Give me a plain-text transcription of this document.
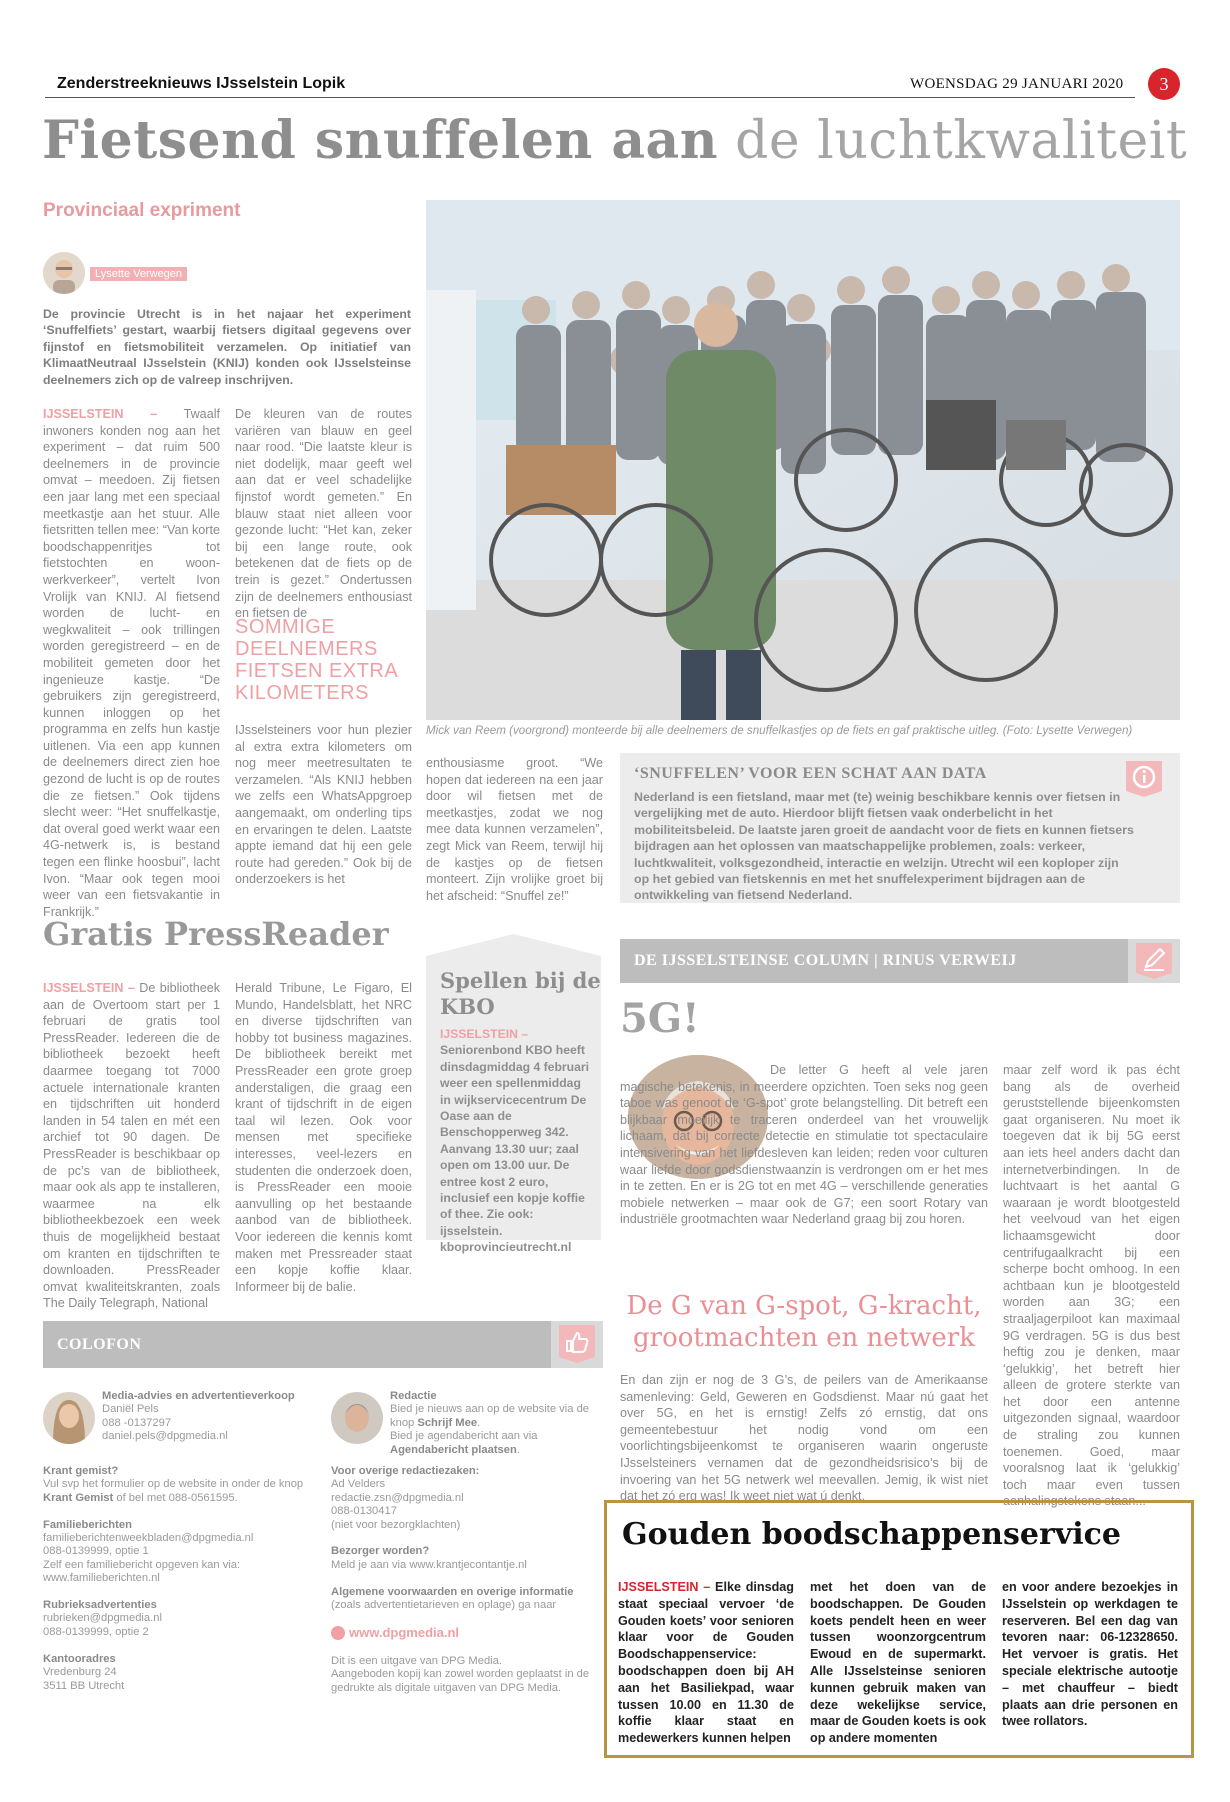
Zenderstreeknieuws IJsselstein Lopik	WOENSDAG 29 JANUARI 2020	3
Fietsend snuffelen aan de luchtkwaliteit
Provinciaal expriment
Lysette Verwegen
De provincie Utrecht is in het najaar het experiment ‘Snuffelfiets’ gestart, waarbij fietsers digitaal gegevens over fijnstof en fietsmobiliteit verzamelen. Op initiatief van KlimaatNeutraal IJsselstein (KNIJ) konden ook IJsselsteinse deelnemers zich op de valreep inschrijven.
IJSSELSTEIN – Twaalf inwoners konden nog aan het experiment – dat ruim 500 deelnemers in de provincie omvat – meedoen. Zij fietsen een jaar lang met een speciaal meetkastje aan het stuur. Alle fietsritten tellen mee: “Van korte boodschappenritjes tot fietstochten en woon-werkverkeer”, vertelt Ivon Vrolijk van KNIJ. Al fietsend worden de lucht- en wegkwaliteit – ook trillingen worden geregistreerd – en de mobiliteit gemeten door het ingenieuze kastje. “De gebruikers zijn geregistreerd, kunnen inloggen op het programma en zelfs hun kastje uitlenen. Via een app kunnen de deelnemers direct zien hoe gezond de lucht is op de routes die ze fietsen.” Ook tijdens slecht weer: “Het snuffelkastje, dat overal goed werkt waar een 4G-netwerk is, is bestand tegen een flinke hoosbui”, lacht Ivon. “Maar ook tegen mooi weer van een fietsvakantie in Frankrijk.”
De kleuren van de routes variëren van blauw en geel naar rood. “Die laatste kleur is niet dodelijk, maar geeft wel aan dat er veel schadelijke fijnstof wordt gemeten.” En blauw staat niet alleen voor gezonde lucht: “Het kan, zeker bij een lange route, ook betekenen dat de fiets op de trein is gezet.” Ondertussen zijn de deelnemers enthousiast en fietsen de
SOMMIGE DEELNEMERS FIETSEN EXTRA KILOMETERS
IJsselsteiners voor hun plezier al extra extra kilometers om nog meer meetresultaten te verzamelen. “Als KNIJ hebben we zelfs een WhatsAppgroep aangemaakt, om onderling tips en ervaringen te delen. Laatste appte iemand dat hij een gele route had gereden.” Ook bij de onderzoekers is het
enthousiasme groot. “We hopen dat iedereen na een jaar door wil fietsen met de meetkastjes, zodat we nog mee data kunnen verzamelen”, zegt Mick van Reem, terwijl hij de kastjes op de fietsen monteert. Zijn vrolijke groet bij het afscheid: “Snuffel ze!”
Mick van Reem (voorgrond) monteerde bij alle deelnemers de snuffelkastjes op de fiets en gaf praktische uitleg. (Foto: Lysette Verwegen)
‘SNUFFELEN’ VOOR EEN SCHAT AAN DATA
Nederland is een fietsland, maar met (te) weinig beschikbare kennis over fietsen in vergelijking met de auto. Hierdoor blijft fietsen vaak onderbelicht in het mobiliteitsbeleid. De laatste jaren groeit de aandacht voor de fiets en kunnen fietsers bijdragen aan het oplossen van maatschappelijke problemen, zoals: verkeer, luchtkwaliteit, volksgezondheid, interactie en welzijn. Utrecht wil een koploper zijn op het gebied van fietskennis en met het snuffelexperiment bijdragen aan de ontwikkeling van fietsend Nederland.
Gratis PressReader
IJSSELSTEIN – De bibliotheek aan de Overtoom start per 1 februari de gratis tool PressReader. Iedereen die de bibliotheek bezoekt heeft daarmee toegang tot 7000 actuele internationale kranten en tijdschriften uit honderd landen in 54 talen en mét een archief tot 90 dagen. De PressReader is beschikbaar op de pc’s van de bibliotheek, maar ook als app te installeren, waarmee na elk bibliotheekbezoek een week thuis de mogelijkheid bestaat om kranten en tijdschriften te downloaden. PressReader omvat kwaliteitskranten, zoals The Daily Telegraph, National
Herald Tribune, Le Figaro, El Mundo, Handelsblatt, het NRC en diverse tijdschriften van hobby tot business magazines. De bibliotheek bereikt met PressReader een grote groep anderstaligen, die graag een krant of tijdschrift in de eigen taal wil lezen. Ook voor mensen met specifieke interesses, veel-lezers en studenten die onderzoek doen, is PressReader een mooie aanvulling op het bestaande aanbod van de bibliotheek. Voor iedereen die kennis komt maken met Pressreader staat een kopje koffie klaar. Informeer bij de balie.
Spellen bij de KBO
IJSSELSTEIN – Seniorenbond KBO heeft dinsdagmiddag 4 februari weer een spellenmiddag in wijkservicecentrum De Oase aan de Benschopperweg 342. Aanvang 13.30 uur; zaal open om 13.00 uur. De entree kost 2 euro, inclusief een kopje koffie of thee. Zie ook: ijsselstein. kboprovincieutrecht.nl
DE IJSSELSTEINSE COLUMN | RINUS VERWEIJ
5G!
De letter G heeft al vele jaren magische betekenis, in meerdere opzichten. Toen seks nog geen taboe was genoot de ‘G-spot’ grote belangstelling. Dit betreft een blijkbaar moeilijk te traceren onderdeel van het vrouwelijk lichaam, dat bij correcte detectie en stimulatie tot spectaculaire intensivering van het liefdesleven kan leiden; reden voor culturen waar liefde door godsdienstwaanzin is verdrongen om er het mes in te zetten. En er is 2G tot en met 4G – verschillende generaties mobiele netwerken – maar ook de G7; een soort Rotary van industriële grootmachten waar Nederland graag bij zou horen.
De G van G-spot, G-kracht, grootmachten en netwerk
En dan zijn er nog de 3 G’s, de peilers van de Amerikaanse samenleving: Geld, Geweren en Godsdienst. Maar nú gaat het over 5G, en het is ernstig! Zelfs zó ernstig, dat ons gemeentebestuur het nodig vond om een voorlichtingsbijeenkomst te organiseren waarin ongeruste IJsselsteiners vernamen dat de gezondheidsrisico’s bij de invoering van het 5G netwerk wel meevallen. Jemig, ik wist niet dat het zó erg was! Ik weet niet wat ú denkt,
maar zelf word ik pas écht bang als de overheid geruststellende bijeenkomsten gaat organiseren. Nu moet ik toegeven dat ik bij 5G eerst aan iets heel anders dacht dan internetverbindingen. In de luchtvaart is het aantal G waaraan je wordt blootgesteld het veelvoud van het eigen lichaamsgewicht door centrifugaalkracht bij een scherpe bocht omhoog. In een achtbaan kun je blootgesteld worden aan 3G; een straaljagerpiloot kan maximaal 9G verdragen. 5G is dus best heftig zou je denken, maar ‘gelukkig’, het betreft hier alleen de grotere sterkte van het door een antenne uitgezonden signaal, waardoor de straling zou kunnen toenemen. Goed, maar vooralsnog laat ik ‘gelukkig’ toch maar even tussen aanhalingstekens staan...
COLOFON
Media-advies en advertentieverkoop
Daniël Pels
088 -0137297
daniel.pels@dpgmedia.nl
Redactie
Bied je nieuws aan op de website via de knop Schrijf Mee.
Bied je agendabericht aan via
Agendabericht plaatsen.
Krant gemist?
Vul svp het formulier op de website in onder de knop
Krant Gemist of bel met 088-0561595.

Familieberichten
familieberichtenweekbladen@dpgmedia.nl
088-0139999, optie 1
Zelf een familiebericht opgeven kan via:
www.familieberichten.nl

Rubrieksadvertenties
rubrieken@dpgmedia.nl
088-0139999, optie 2

Kantooradres
Vredenburg 24
3511 BB Utrecht
Voor overige redactiezaken:
Ad Velders
redactie.zsn@dpgmedia.nl
088-0130417
(niet voor bezorgklachten)

Bezorger worden?
Meld je aan via www.krantjecontantje.nl

Algemene voorwaarden en overige informatie
(zoals advertentietarieven en oplage) ga naar

www.dpgmedia.nl

Dit is een uitgave van DPG Media.
Aangeboden kopij kan zowel worden geplaatst in de gedrukte als digitale uitgaven van DPG Media.
Gouden boodschappenservice
IJSSELSTEIN – Elke dinsdag staat speciaal vervoer ‘de Gouden koets’ voor senioren klaar voor de Gouden Boodschappenservice: boodschappen doen bij AH aan het Basiliekpad, waar tussen 10.00 en 11.30 de koffie klaar staat en medewerkers kunnen helpen
met het doen van de boodschappen. De Gouden koets pendelt heen en weer tussen woonzorgcentrum Ewoud en de supermarkt. Alle IJsselsteinse senioren kunnen gebruik maken van deze wekelijkse service, maar de Gouden koets is ook op andere momenten
en voor andere bezoekjes in IJsselstein op werkdagen te reserveren. Bel een dag van tevoren naar: 06-12328650. Het vervoer is gratis. Het speciale elektrische autootje – met chauffeur – biedt plaats aan drie personen en twee rollators.
